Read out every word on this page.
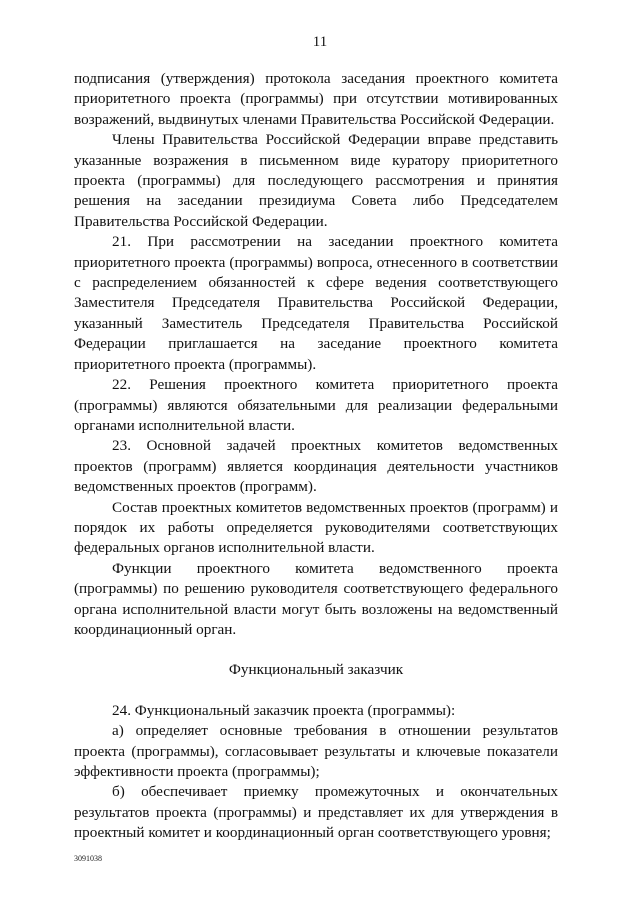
11

подписания (утверждения) протокола заседания проектного комитета приоритетного проекта (программы) при отсутствии мотивированных возражений, выдвинутых членами Правительства Российской Федерации.

Члены Правительства Российской Федерации вправе представить указанные возражения в письменном виде куратору приоритетного проекта (программы) для последующего рассмотрения и принятия решения на заседании президиума Совета либо Председателем Правительства Российской Федерации.

21. При рассмотрении на заседании проектного комитета приоритетного проекта (программы) вопроса, отнесенного в соответствии с распределением обязанностей к сфере ведения соответствующего Заместителя Председателя Правительства Российской Федерации, указанный Заместитель Председателя Правительства Российской Федерации приглашается на заседание проектного комитета приоритетного проекта (программы).

22. Решения проектного комитета приоритетного проекта (программы) являются обязательными для реализации федеральными органами исполнительной власти.

23. Основной задачей проектных комитетов ведомственных проектов (программ) является координация деятельности участников ведомственных проектов (программ).

Состав проектных комитетов ведомственных проектов (программ) и порядок их работы определяется руководителями соответствующих федеральных органов исполнительной власти.

Функции проектного комитета ведомственного проекта (программы) по решению руководителя соответствующего федерального органа исполнительной власти могут быть возложены на ведомственный координационный орган.

Функциональный заказчик

24. Функциональный заказчик проекта (программы):

а) определяет основные требования в отношении результатов проекта (программы), согласовывает результаты и ключевые показатели эффективности проекта (программы);

б) обеспечивает приемку промежуточных и окончательных результатов проекта (программы) и представляет их для утверждения в проектный комитет и координационный орган соответствующего уровня;

3091038
